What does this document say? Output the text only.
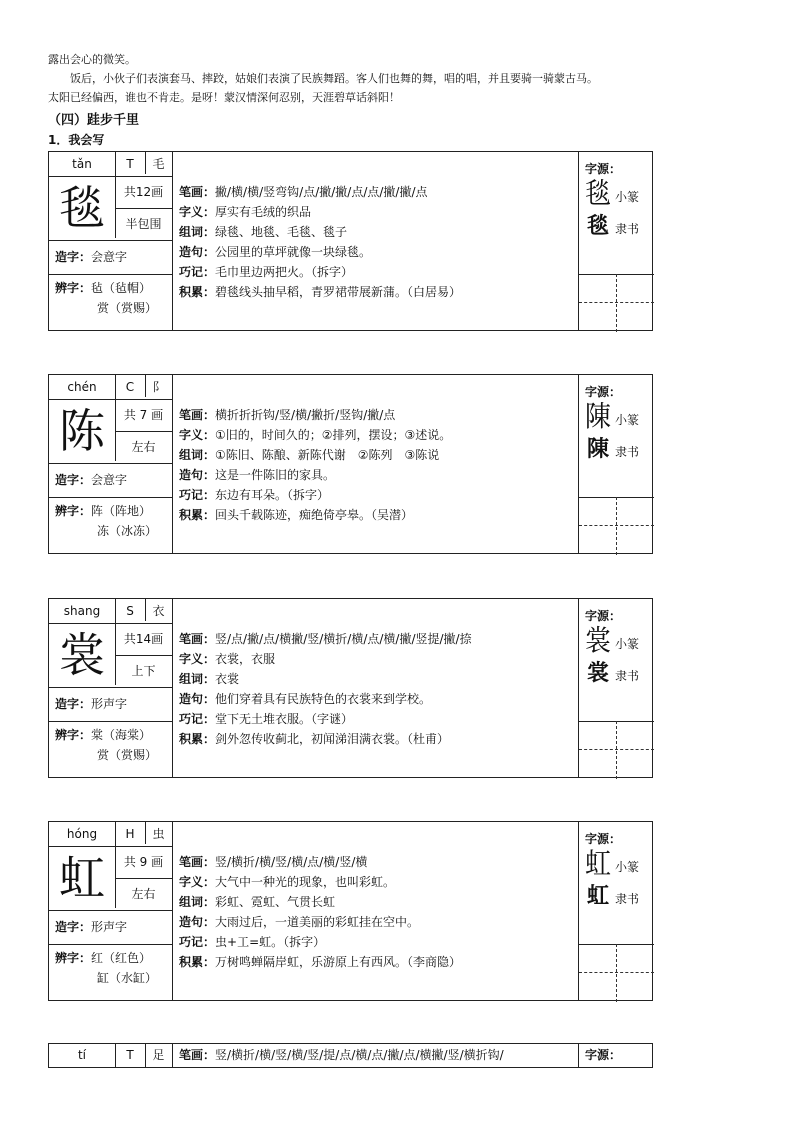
露出会心的微笑。

饭后，小伙子们表演套马、摔跤，姑娘们表演了民族舞蹈。客人们也舞的舞，唱的唱，并且要骑一骑蒙古马。

太阳已经偏西，谁也不肯走。是呀！蒙汉情深何忍别，天涯碧草话斜阳！

（四）跬步千里
1．我会写
tǎn	T	毛
毯	共12画
半包围
造字：会意字
辨字：毡（毡帽）
赏（赏赐）
笔画：撇/横/横/竖弯钩/点/撇/撇/点/点/撇/撇/点
字义：厚实有毛绒的织品
组词：绿毯、地毯、毛毯、毯子
造句：公园里的草坪就像一块绿毯。
巧记：毛巾里边两把火。（拆字）
积累：碧毯线头抽早稻，青罗裙带展新蒲。（白居易）
字源：
毯 小篆
毯 隶书
chén	C	阝
陈	共 7 画
左右
造字：会意字
辨字：阵（阵地）
冻（冰冻）
笔画：横折折折钩/竖/横/撇折/竖钩/撇/点
字义：①旧的，时间久的；②排列，摆设；③述说。
组词：①陈旧、陈酿、新陈代谢　②陈列　③陈说
造句：这是一件陈旧的家具。
巧记：东边有耳朵。（拆字）
积累：回头千载陈迹，痴绝倚亭皋。（吴潜）
字源：
陳 小篆
陳 隶书
shang	S	衣
裳	共14画
上下
造字：形声字
辨字：棠（海棠）
赏（赏赐）
笔画：竖/点/撇/点/横撇/竖/横折/横/点/横/撇/竖提/撇/捺
字义：衣裳，衣服
组词：衣裳
造句：他们穿着具有民族特色的衣裳来到学校。
巧记：堂下无土堆衣服。（字谜）
积累：剑外忽传收蓟北，初闻涕泪满衣裳。（杜甫）
字源：
裳 小篆
裳 隶书
hóng	H	虫
虹	共 9 画
左右
造字：形声字
辨字：红（红色）
缸（水缸）
笔画：竖/横折/横/竖/横/点/横/竖/横
字义：大气中一种光的现象，也叫彩虹。
组词：彩虹、霓虹、气贯长虹
造句：大雨过后，一道美丽的彩虹挂在空中。
巧记：虫+工=虹。（拆字）
积累：万树鸣蝉隔岸虹，乐游原上有西风。（李商隐）
字源：
虹 小篆
虹 隶书
tí	T	足	笔画：竖/横折/横/竖/横/竖/提/点/横/点/撇/点/横撇/竖/横折钩/	字源：
